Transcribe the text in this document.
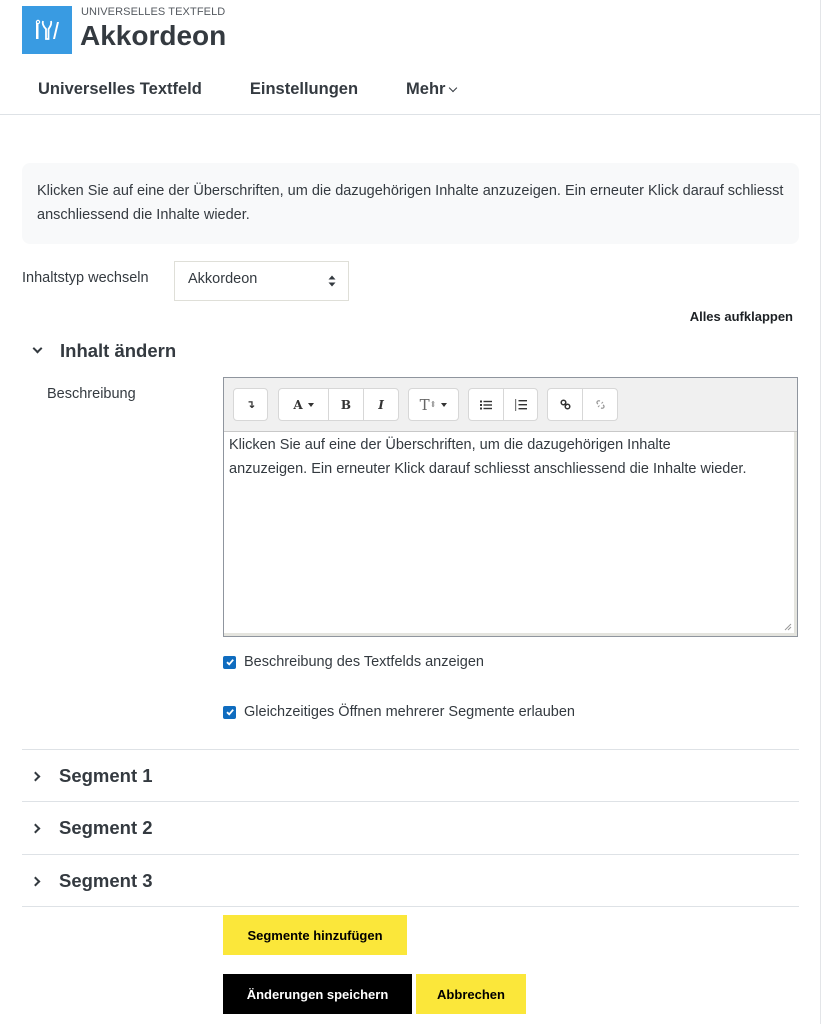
UNIVERSELLES TEXTFELD
Akkordeon
Universelles Textfeld	Einstellungen	Mehr
Klicken Sie auf eine der Überschriften, um die dazugehörigen Inhalte anzuzeigen. Ein erneuter Klick darauf schliesst anschliessend die Inhalte wieder.
Inhaltstyp wechseln	Akkordeon
Alles aufklappen
Inhalt ändern
Beschreibung
↴	A	B I T ⇕
Klicken Sie auf eine der Überschriften, um die dazugehörigen Inhalte
anzuzeigen. Ein erneuter Klick darauf schliesst anschliessend die Inhalte wieder.
Beschreibung des Textfelds anzeigen
Gleichzeitiges Öffnen mehrerer Segmente erlauben
Segment 1
Segment 2
Segment 3
Segmente hinzufügen
Änderungen speichern	Abbrechen
